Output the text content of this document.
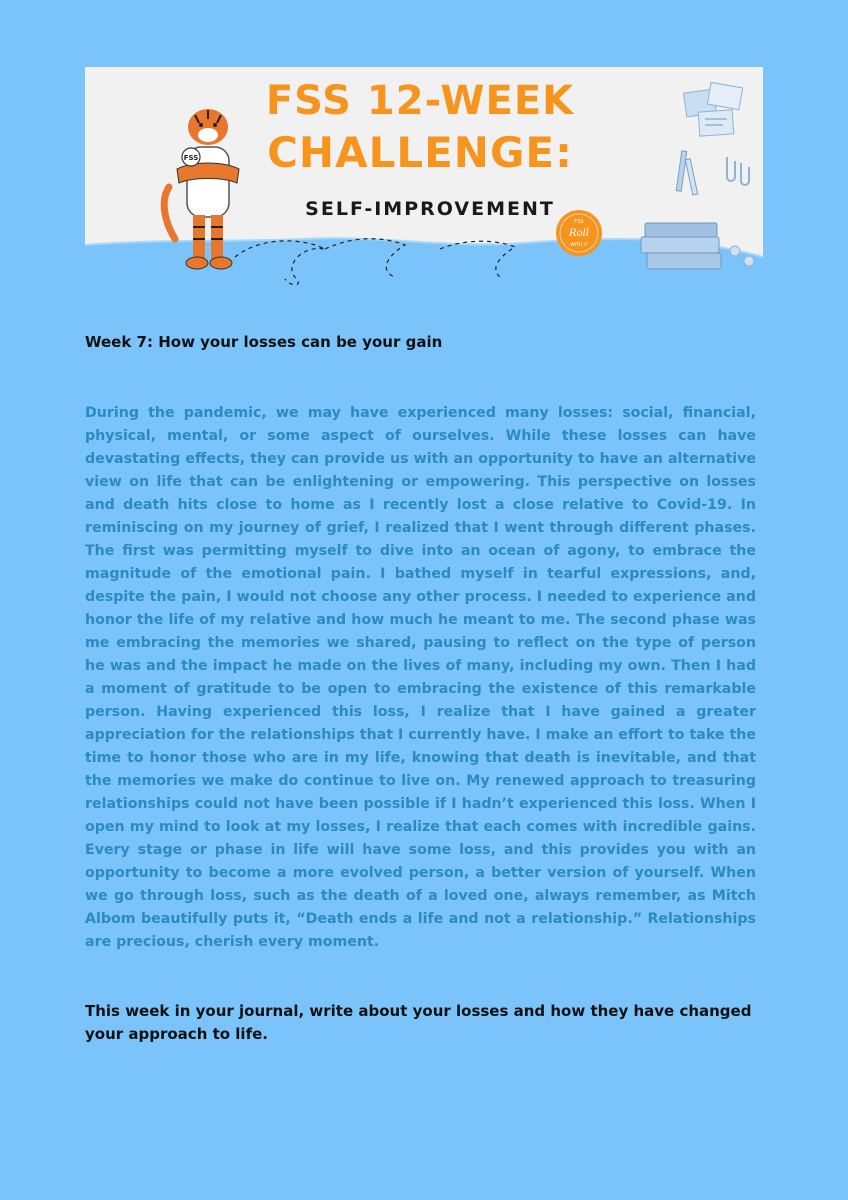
FSS 12-WEEK
CHALLENGE:
SELF-IMPROVEMENT
FSS
FSS
Roll
WITH IT
Week 7: How your losses can be your gain

During the pandemic, we may have experienced many losses: social, financial, physical, mental, or some aspect of ourselves. While these losses can have devastating effects, they can provide us with an opportunity to have an alternative view on life that can be enlightening or empowering. This perspective on losses and death hits close to home as I recently lost a close relative to Covid-19. In reminiscing on my journey of grief, I realized that I went through different phases. The first was permitting myself to dive into an ocean of agony, to embrace the magnitude of the emotional pain. I bathed myself in tearful expressions, and, despite the pain, I would not choose any other process. I needed to experience and honor the life of my relative and how much he meant to me. The second phase was me embracing the memories we shared, pausing to reflect on the type of person he was and the impact he made on the lives of many, including my own. Then I had a moment of gratitude to be open to embracing the existence of this remarkable person. Having experienced this loss, I realize that I have gained a greater appreciation for the relationships that I currently have. I make an effort to take the time to honor those who are in my life, knowing that death is inevitable, and that the memories we make do continue to live on. My renewed approach to treasuring relationships could not have been possible if I hadn’t experienced this loss. When I open my mind to look at my losses, I realize that each comes with incredible gains. Every stage or phase in life will have some loss, and this provides you with an opportunity to become a more evolved person, a better version of yourself. When we go through loss, such as the death of a loved one, always remember, as Mitch Albom beautifully puts it, “Death ends a life and not a relationship.” Relationships are precious, cherish every moment.

This week in your journal, write about your losses and how they have changed your approach to life.
